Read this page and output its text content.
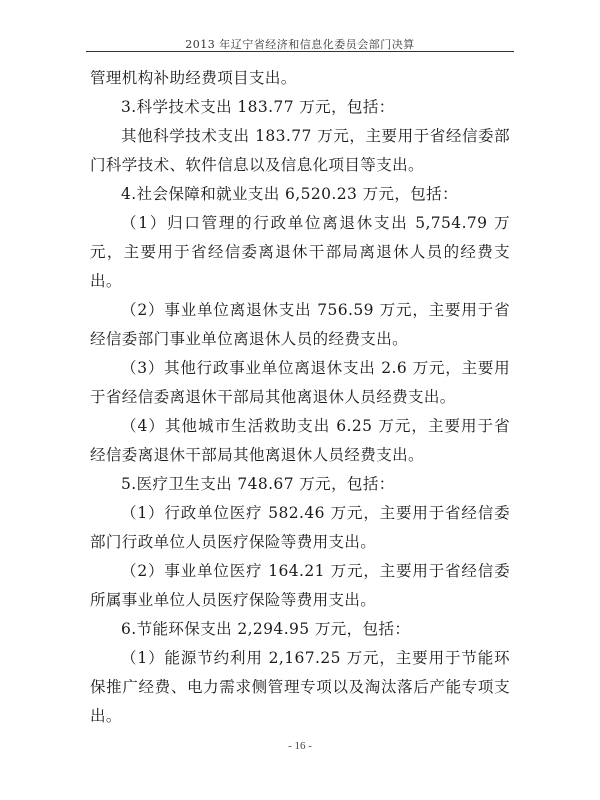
2013 年辽宁省经济和信息化委员会部门决算

管理机构补助经费项目支出。

3.科学技术支出 183.77 万元，包括：

其他科学技术支出 183.77 万元，主要用于省经信委部门科学技术、软件信息以及信息化项目等支出。

4.社会保障和就业支出 6,520.23 万元，包括：

（1）归口管理的行政单位离退休支出 5,754.79 万元，主要用于省经信委离退休干部局离退休人员的经费支出。

（2）事业单位离退休支出 756.59 万元，主要用于省经信委部门事业单位离退休人员的经费支出。

（3）其他行政事业单位离退休支出 2.6 万元，主要用于省经信委离退休干部局其他离退休人员经费支出。

（4）其他城市生活救助支出 6.25 万元，主要用于省经信委离退休干部局其他离退休人员经费支出。

5.医疗卫生支出 748.67 万元，包括：

（1）行政单位医疗 582.46 万元，主要用于省经信委部门行政单位人员医疗保险等费用支出。

（2）事业单位医疗 164.21 万元，主要用于省经信委所属事业单位人员医疗保险等费用支出。

6.节能环保支出 2,294.95 万元，包括：

（1）能源节约利用 2,167.25 万元，主要用于节能环保推广经费、电力需求侧管理专项以及淘汰落后产能专项支出。

- 16 -
